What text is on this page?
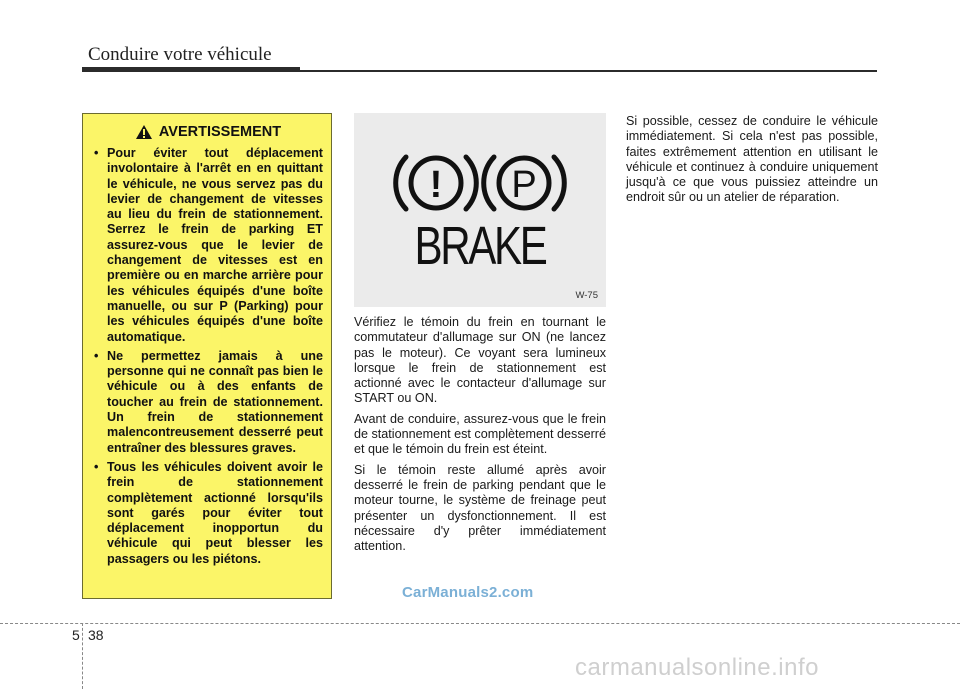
Conduire votre véhicule
AVERTISSEMENT
• Pour éviter tout déplacement involontaire à l'arrêt en en quittant le véhicule, ne vous servez pas du levier de changement de vitesses au lieu du frein de stationnement. Serrez le frein de parking ET assurez-vous que le levier de changement de vitesses est en première ou en marche arrière pour les véhicules équipés d'une boîte manuelle, ou sur P (Parking) pour les véhicules équipés d'une boîte automatique.
• Ne permettez jamais à une personne qui ne connaît pas bien le véhicule ou à des enfants de toucher au frein de stationnement. Un frein de stationnement malencontreusement desserré peut entraîner des blessures graves.
• Tous les véhicules doivent avoir le frein de stationnement complètement actionné lorsqu'ils sont garés pour éviter tout déplacement inopportun du véhicule qui peut blesser les passagers ou les piétons.
! P
BRAKE
W-75

Vérifiez le témoin du frein en tournant le commutateur d'allumage sur ON (ne lancez pas le moteur). Ce voyant sera lumineux lorsque le frein de stationnement est actionné avec le contacteur d'allumage sur START ou ON.

Avant de conduire, assurez-vous que le frein de stationnement est complètement desserré et que le témoin du frein est éteint.

Si le témoin reste allumé après avoir desserré le frein de parking pendant que le moteur tourne, le système de freinage peut présenter un dysfonctionnement. Il est nécessaire d'y prêter immédiatement attention.

Si possible, cessez de conduire le véhicule immédiatement. Si cela n'est pas possible, faites extrêmement attention en utilisant le véhicule et continuez à conduire uniquement jusqu'à ce que vous puissiez atteindre un endroit sûr ou un atelier de réparation.

CarManuals2.com
5 38
carmanualsonline.info
